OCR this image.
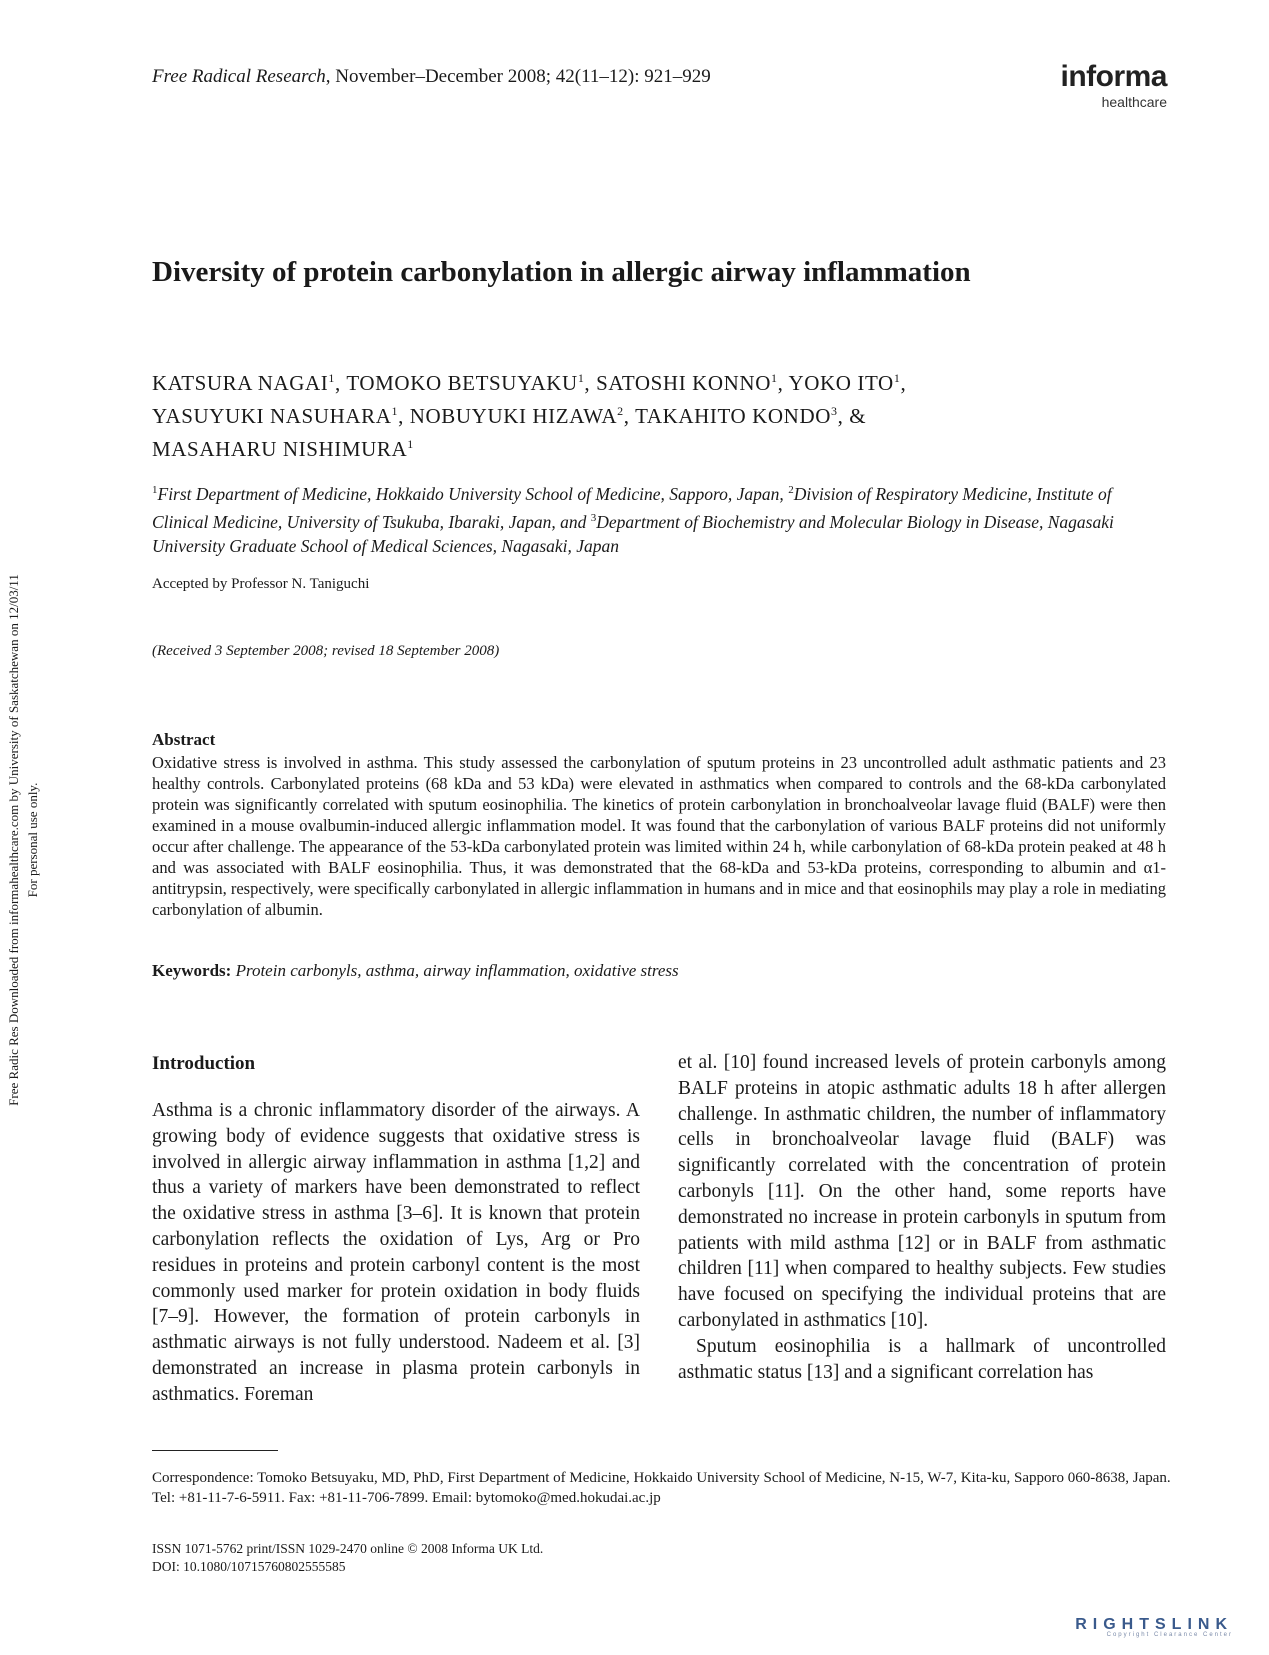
Free Radical Research, November–December 2008; 42(11–12): 921–929	informa
healthcare
Free Radic Res Downloaded from informahealthcare.com by University of Saskatchewan on 12/03/11 For personal use only.
Diversity of protein carbonylation in allergic airway inflammation
KATSURA NAGAI$^1$, TOMOKO BETSUYAKU$^1$, SATOSHI KONNO$^1$, YOKO ITO$^1$,
YASUYUKI NASUHARA$^1$, NOBUYUKI HIZAWA$^2$, TAKAHITO KONDO$^3$, &
MASAHARU NISHIMURA$^1$
$^1$First Department of Medicine, Hokkaido University School of Medicine, Sapporo, Japan, $^2$Division of Respiratory Medicine, Institute of Clinical Medicine, University of Tsukuba, Ibaraki, Japan, and $^3$Department of Biochemistry and Molecular Biology in Disease, Nagasaki University Graduate School of Medical Sciences, Nagasaki, Japan
Accepted by Professor N. Taniguchi
(Received 3 September 2008; revised 18 September 2008)
Abstract
Oxidative stress is involved in asthma. This study assessed the carbonylation of sputum proteins in 23 uncontrolled adult asthmatic patients and 23 healthy controls. Carbonylated proteins (68 kDa and 53 kDa) were elevated in asthmatics when compared to controls and the 68-kDa carbonylated protein was significantly correlated with sputum eosinophilia. The kinetics of protein carbonylation in bronchoalveolar lavage fluid (BALF) were then examined in a mouse ovalbumin-induced allergic inflammation model. It was found that the carbonylation of various BALF proteins did not uniformly occur after challenge. The appearance of the 53-kDa carbonylated protein was limited within 24 h, while carbonylation of 68-kDa protein peaked at 48 h and was associated with BALF eosinophilia. Thus, it was demonstrated that the 68-kDa and 53-kDa proteins, corresponding to albumin and α1-antitrypsin, respectively, were specifically carbonylated in allergic inflammation in humans and in mice and that eosinophils may play a role in mediating carbonylation of albumin.
Keywords: Protein carbonyls, asthma, airway inflammation, oxidative stress
Introduction
Asthma is a chronic inflammatory disorder of the airways. A growing body of evidence suggests that oxidative stress is involved in allergic airway inflammation in asthma [1,2] and thus a variety of markers have been demonstrated to reflect the oxidative stress in asthma [3–6]. It is known that protein carbonylation reflects the oxidation of Lys, Arg or Pro residues in proteins and protein carbonyl content is the most commonly used marker for protein oxidation in body fluids [7–9]. However, the formation of protein carbonyls in asthmatic airways is not fully understood. Nadeem et al. [3] demonstrated an increase in plasma protein carbonyls in asthmatics. Foreman

et al. [10] found increased levels of protein carbonyls among BALF proteins in atopic asthmatic adults 18 h after allergen challenge. In asthmatic children, the number of inflammatory cells in bronchoalveolar lavage fluid (BALF) was significantly correlated with the concentration of protein carbonyls [11]. On the other hand, some reports have demonstrated no increase in protein carbonyls in sputum from patients with mild asthma [12] or in BALF from asthmatic children [11] when compared to healthy subjects. Few studies have focused on specifying the individual proteins that are carbonylated in asthmatics [10].

Sputum eosinophilia is a hallmark of uncontrolled asthmatic status [13] and a significant correlation has

Correspondence: Tomoko Betsuyaku, MD, PhD, First Department of Medicine, Hokkaido University School of Medicine, N-15, W-7, Kita-ku, Sapporo 060-8638, Japan. Tel: +81-11-7-6-5911. Fax: +81-11-706-7899. Email: bytomoko@med.hokudai.ac.jp
ISSN 1071-5762 print/ISSN 1029-2470 online © 2008 Informa UK Ltd.
DOI: 10.1080/10715760802555585
RIGHTSLINK
Copyright Clearance Center
